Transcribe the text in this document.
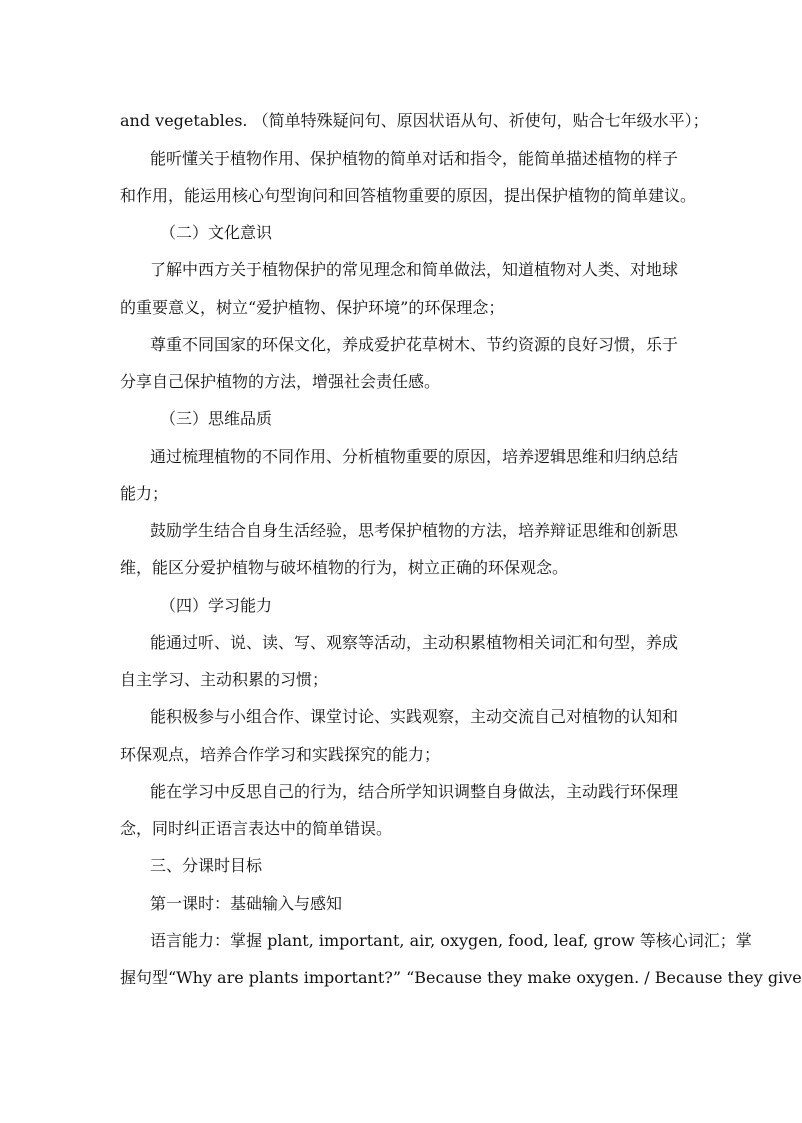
and vegetables. （简单特殊疑问句、原因状语从句、祈使句，贴合七年级水平）；
能听懂关于植物作用、保护植物的简单对话和指令，能简单描述植物的样子
和作用，能运用核心句型询问和回答植物重要的原因，提出保护植物的简单建议。
（二）文化意识
了解中西方关于植物保护的常见理念和简单做法，知道植物对人类、对地球
的重要意义，树立“爱护植物、保护环境”的环保理念；
尊重不同国家的环保文化，养成爱护花草树木、节约资源的良好习惯，乐于
分享自己保护植物的方法，增强社会责任感。
（三）思维品质
通过梳理植物的不同作用、分析植物重要的原因，培养逻辑思维和归纳总结
能力；
鼓励学生结合自身生活经验，思考保护植物的方法，培养辩证思维和创新思
维，能区分爱护植物与破坏植物的行为，树立正确的环保观念。
（四）学习能力
能通过听、说、读、写、观察等活动，主动积累植物相关词汇和句型，养成
自主学习、主动积累的习惯；
能积极参与小组合作、课堂讨论、实践观察，主动交流自己对植物的认知和
环保观点，培养合作学习和实践探究的能力；
能在学习中反思自己的行为，结合所学知识调整自身做法，主动践行环保理
念，同时纠正语言表达中的简单错误。
三、分课时目标
第一课时：基础输入与感知
语言能力：掌握 plant, important, air, oxygen, food, leaf, grow 等核心词汇；掌
握句型“Why are plants important?” “Because they make oxygen. / Because they give
